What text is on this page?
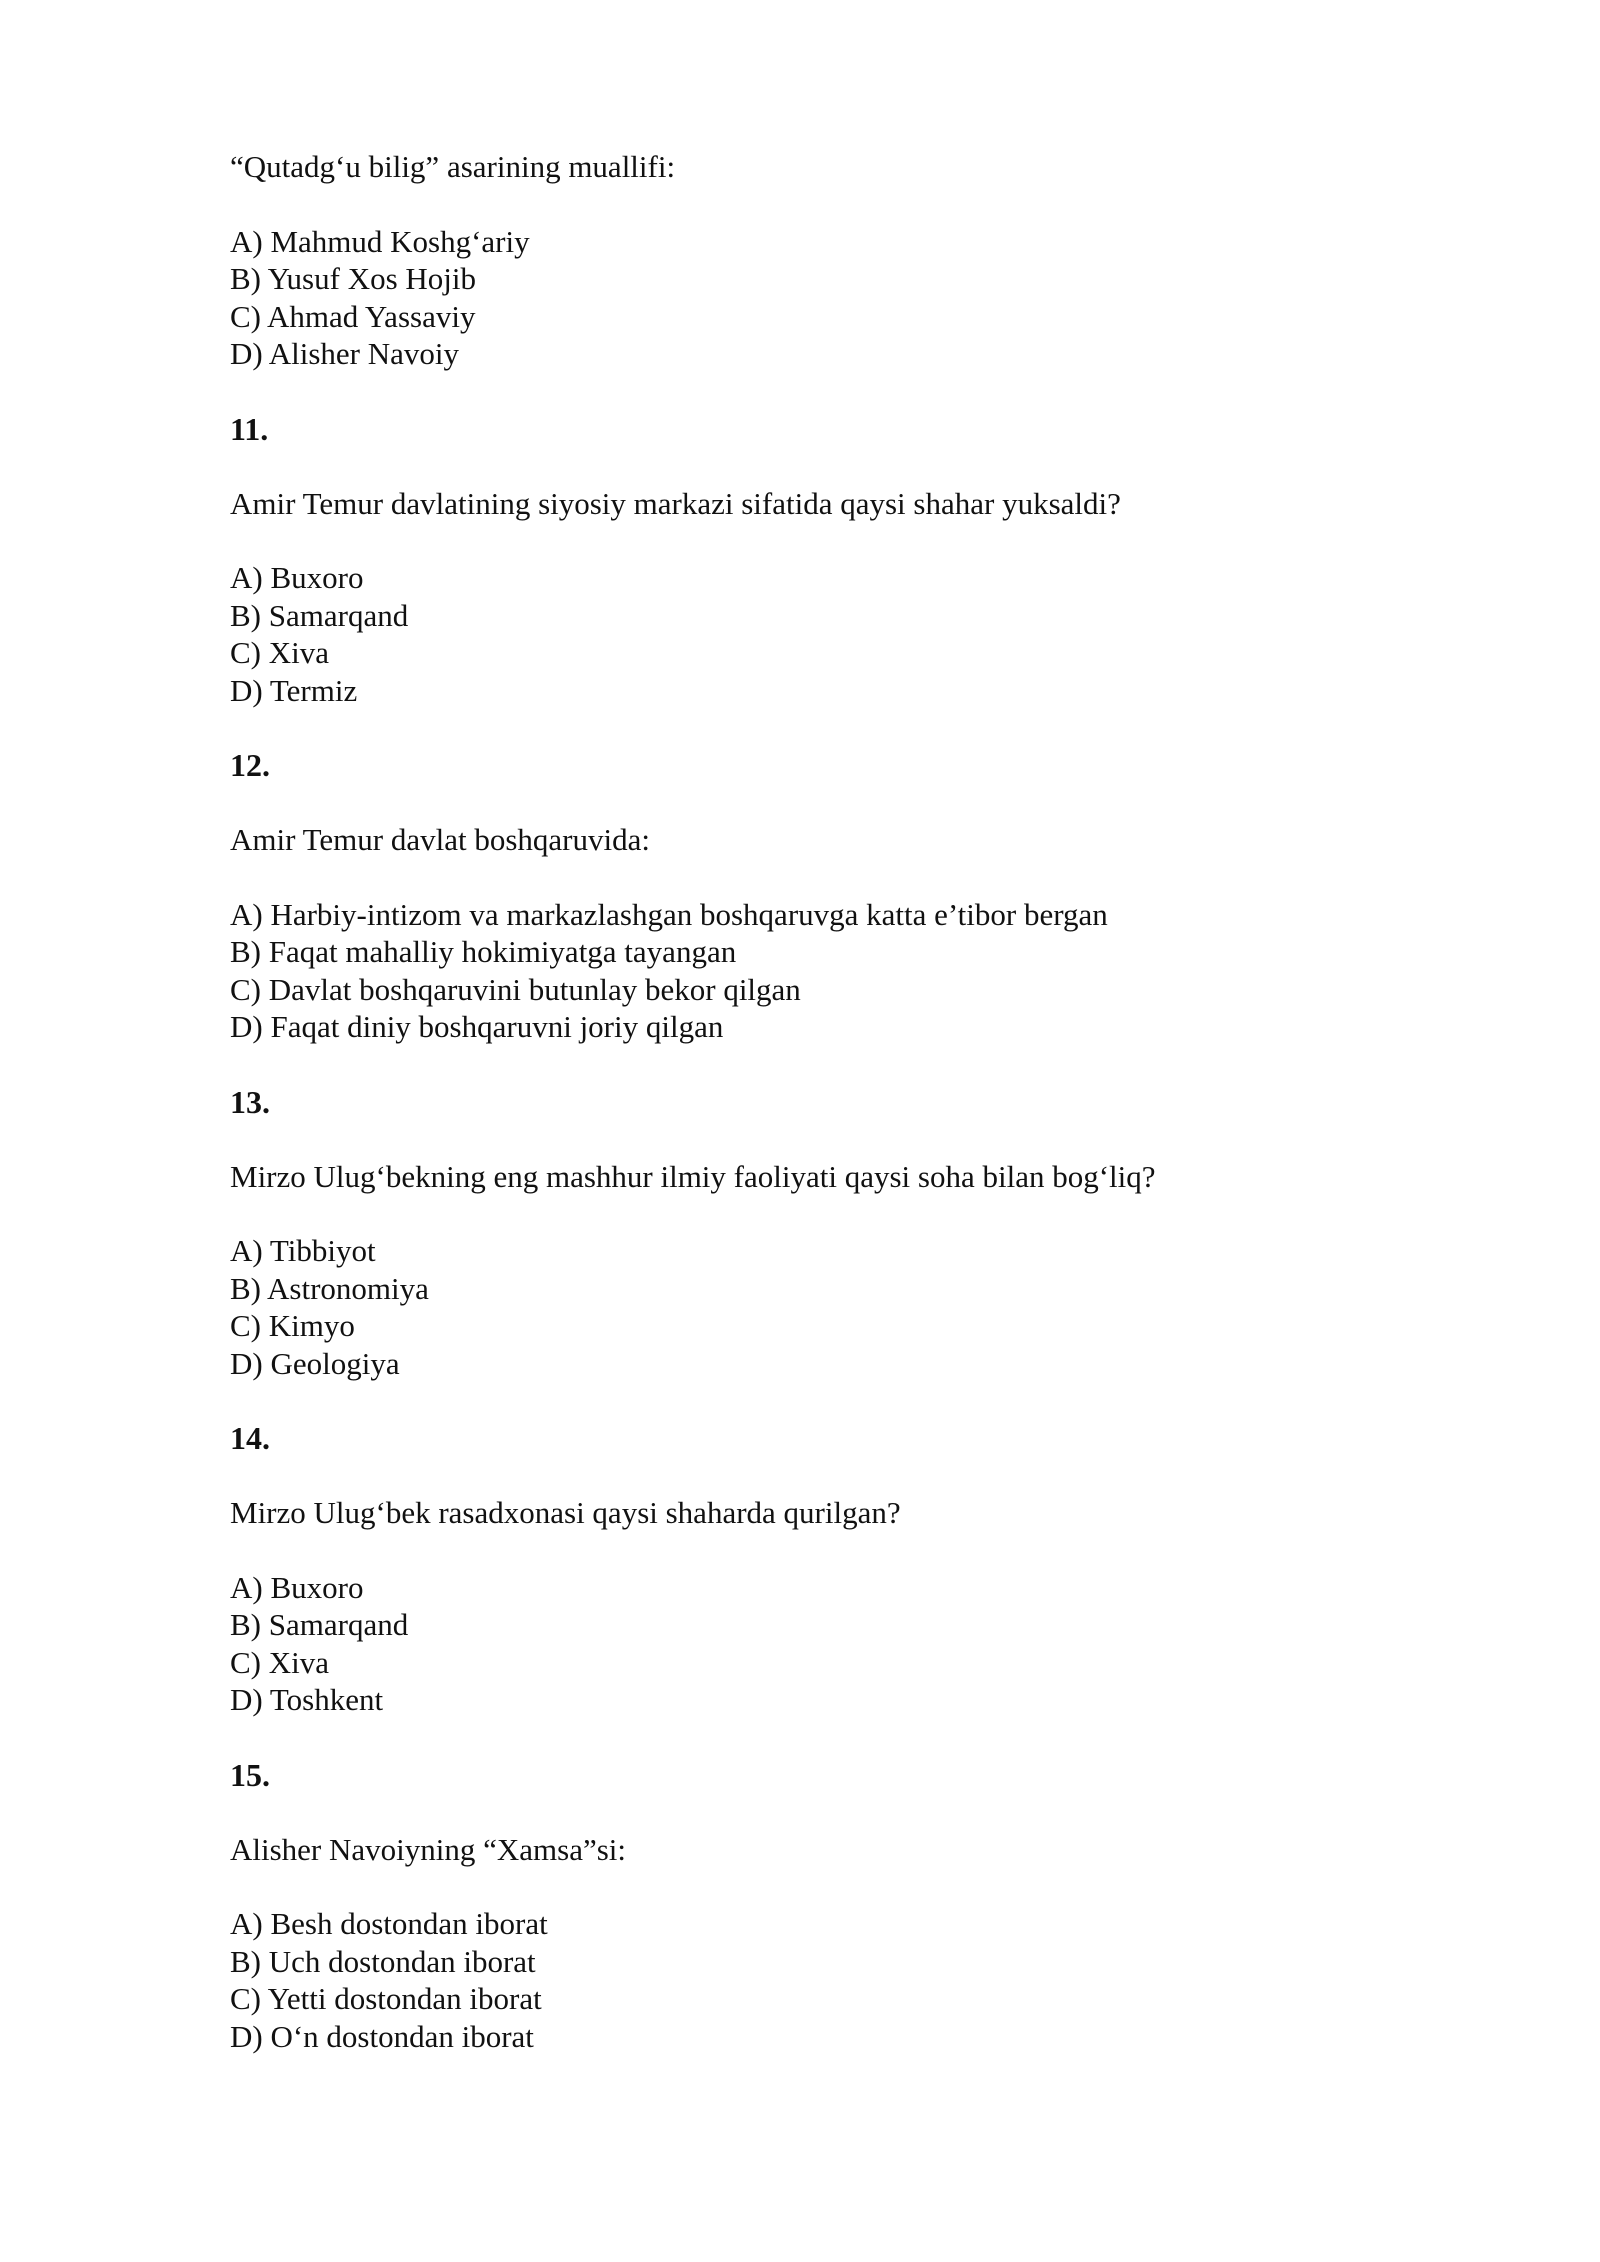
“Qutadg‘u bilig” asarining muallifi:
A) Mahmud Koshg‘ariy
B) Yusuf Xos Hojib
C) Ahmad Yassaviy
D) Alisher Navoiy
11.
Amir Temur davlatining siyosiy markazi sifatida qaysi shahar yuksaldi?
A) Buxoro
B) Samarqand
C) Xiva
D) Termiz
12.
Amir Temur davlat boshqaruvida:
A) Harbiy-intizom va markazlashgan boshqaruvga katta e’tibor bergan
B) Faqat mahalliy hokimiyatga tayangan
C) Davlat boshqaruvini butunlay bekor qilgan
D) Faqat diniy boshqaruvni joriy qilgan
13.
Mirzo Ulug‘bekning eng mashhur ilmiy faoliyati qaysi soha bilan bog‘liq?
A) Tibbiyot
B) Astronomiya
C) Kimyo
D) Geologiya
14.
Mirzo Ulug‘bek rasadxonasi qaysi shaharda qurilgan?
A) Buxoro
B) Samarqand
C) Xiva
D) Toshkent
15.
Alisher Navoiyning “Xamsa”si:
A) Besh dostondan iborat
B) Uch dostondan iborat
C) Yetti dostondan iborat
D) O‘n dostondan iborat
